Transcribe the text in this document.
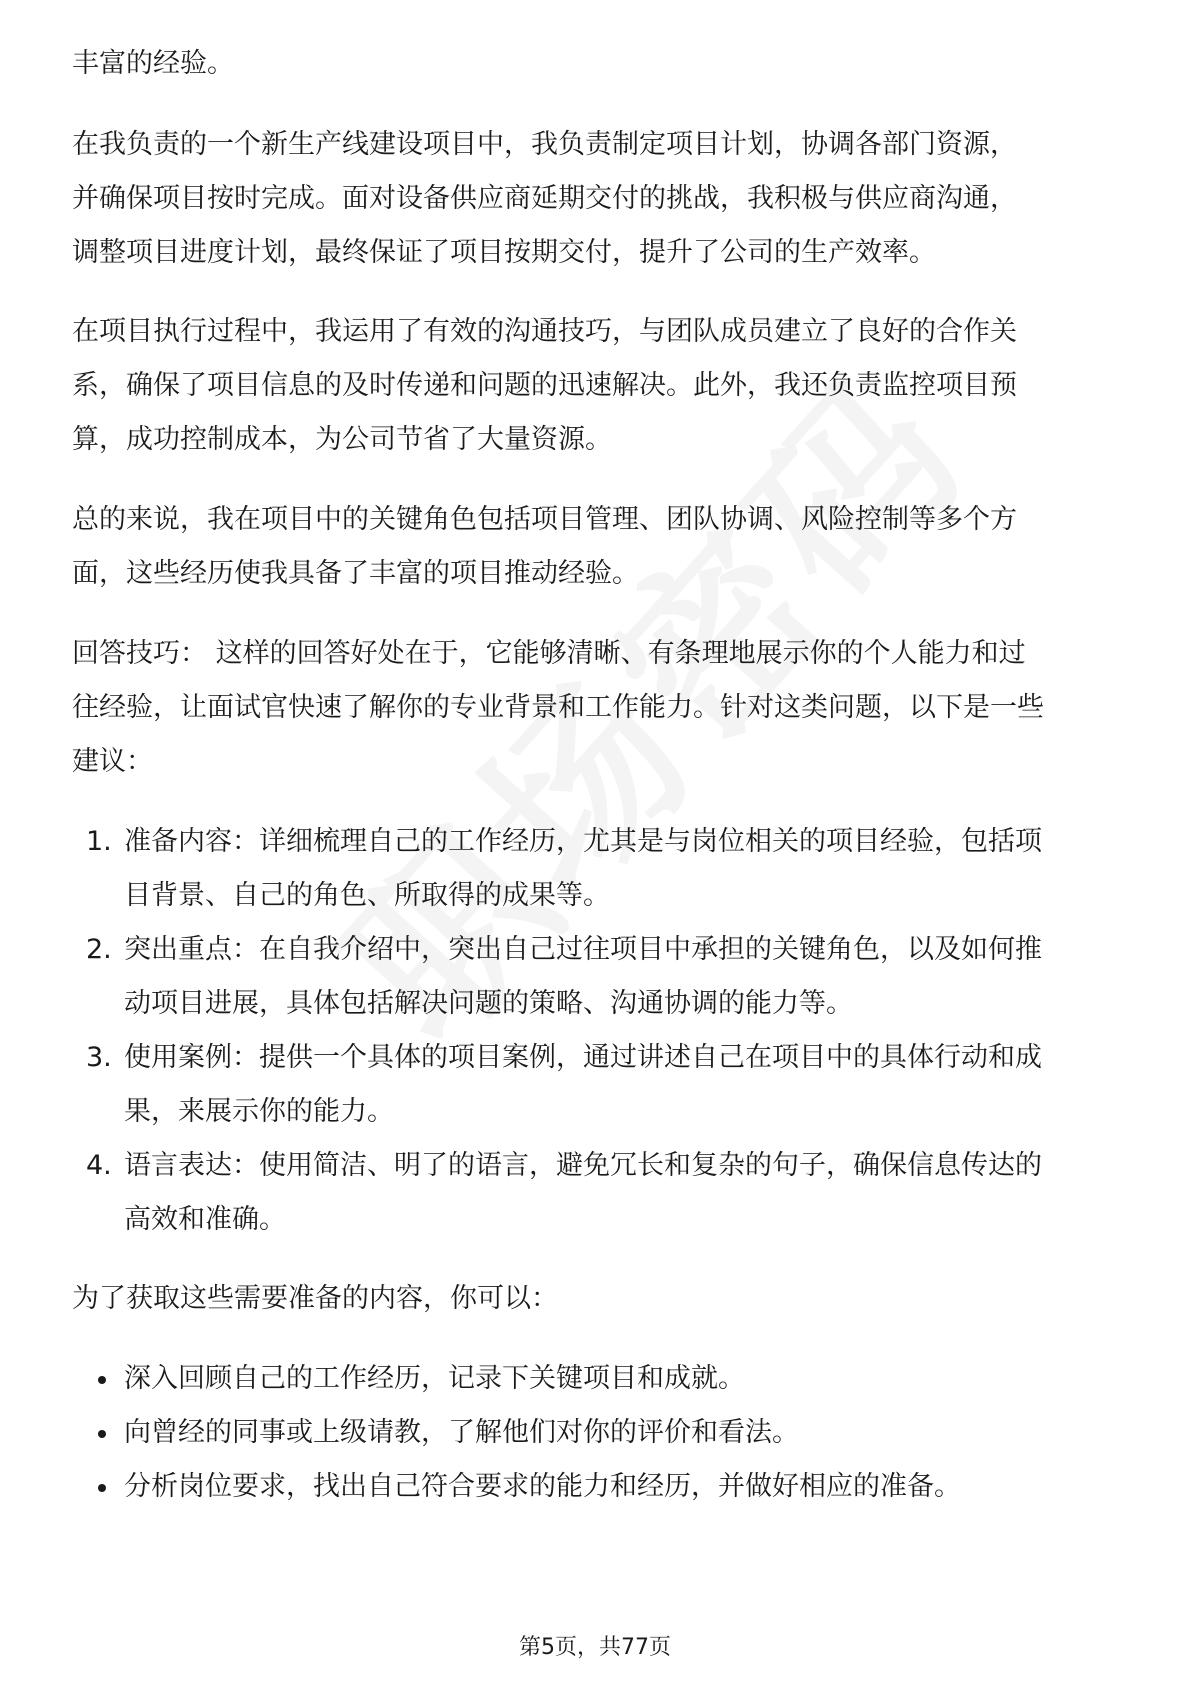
丰富的经验。

在我负责的一个新生产线建设项目中，我负责制定项目计划，协调各部门资源，并确保项目按时完成。面对设备供应商延期交付的挑战，我积极与供应商沟通，调整项目进度计划，最终保证了项目按期交付，提升了公司的生产效率。

在项目执行过程中，我运用了有效的沟通技巧，与团队成员建立了良好的合作关系，确保了项目信息的及时传递和问题的迅速解决。此外，我还负责监控项目预算，成功控制成本，为公司节省了大量资源。

总的来说，我在项目中的关键角色包括项目管理、团队协调、风险控制等多个方面，这些经历使我具备了丰富的项目推动经验。

回答技巧： 这样的回答好处在于，它能够清晰、有条理地展示你的个人能力和过往经验，让面试官快速了解你的专业背景和工作能力。针对这类问题，以下是一些建议：

1. 准备内容：详细梳理自己的工作经历，尤其是与岗位相关的项目经验，包括项目背景、自己的角色、所取得的成果等。
2. 突出重点：在自我介绍中，突出自己过往项目中承担的关键角色，以及如何推动项目进展，具体包括解决问题的策略、沟通协调的能力等。
3. 使用案例：提供一个具体的项目案例，通过讲述自己在项目中的具体行动和成果，来展示你的能力。
4. 语言表达：使用简洁、明了的语言，避免冗长和复杂的句子，确保信息传达的高效和准确。

为了获取这些需要准备的内容，你可以：

深入回顾自己的工作经历，记录下关键项目和成就。
向曾经的同事或上级请教，了解他们对你的评价和看法。
分析岗位要求，找出自己符合要求的能力和经历，并做好相应的准备。
第5页，共77页
